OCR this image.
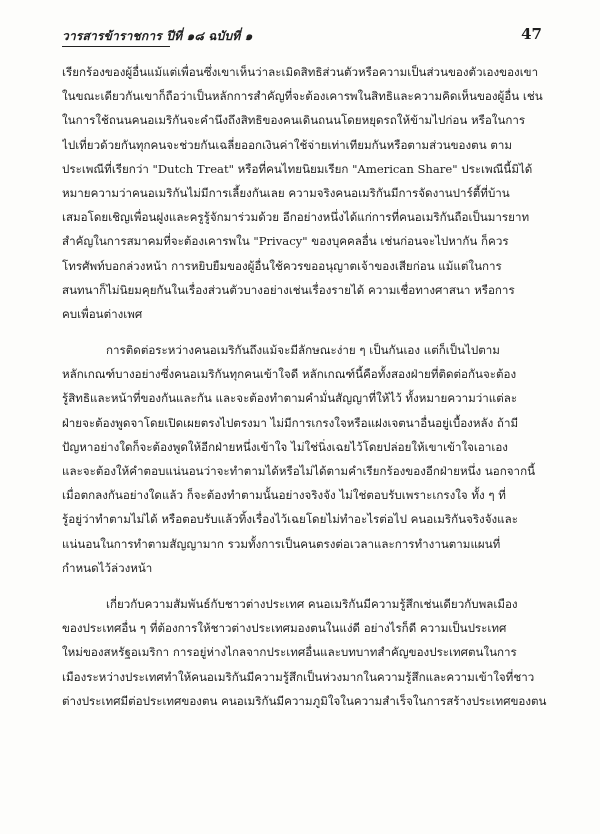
วารสารข้าราชการ ปีที่ ๑๘ ฉบับที่ ๑	47
เรียกร้องของผู้อื่นแม้แต่เพื่อนซึ่งเขาเห็นว่าละเมิดสิทธิส่วนตัวหรือความเป็นส่วนของตัวเองของเขา
ในขณะเดียวกันเขาก็ถือว่าเป็นหลักการสำคัญที่จะต้องเคารพในสิทธิและความคิดเห็นของผู้อื่น เช่น
ในการใช้ถนนคนอเมริกันจะคำนึงถึงสิทธิของคนเดินถนนโดยหยุดรถให้ข้ามไปก่อน หรือในการ
ไปเที่ยวด้วยกันทุกคนจะช่วยกันเฉลี่ยออกเงินค่าใช้จ่ายเท่าเทียมกันหรือตามส่วนของตน ตาม
ประเพณีที่เรียกว่า "Dutch Treat" หรือที่คนไทยนิยมเรียก "American Share" ประเพณีนี้มิได้
หมายความว่าคนอเมริกันไม่มีการเลี้ยงกันเลย ความจริงคนอเมริกันมีการจัดงานปาร์ตี้ที่บ้าน
เสมอโดยเชิญเพื่อนฝูงและครูรู้จักมาร่วมด้วย อีกอย่างหนึ่งได้แก่การที่คนอเมริกันถือเป็นมารยาท
สำคัญในการสมาคมที่จะต้องเคารพใน "Privacy" ของบุคคลอื่น เช่นก่อนจะไปหากัน ก็ควร
โทรศัพท์บอกล่วงหน้า การหยิบยืมของผู้อื่นใช้ควรขออนุญาตเจ้าของเสียก่อน แม้แต่ในการ
สนทนาก็ไม่นิยมคุยกันในเรื่องส่วนตัวบางอย่างเช่นเรื่องรายได้ ความเชื่อทางศาสนา หรือการ
คบเพื่อนต่างเพศ
การติดต่อระหว่างคนอเมริกันถึงแม้จะมีลักษณะง่าย ๆ เป็นกันเอง แต่ก็เป็นไปตาม
หลักเกณฑ์บางอย่างซึ่งคนอเมริกันทุกคนเข้าใจดี หลักเกณฑ์นี้คือทั้งสองฝ่ายที่ติดต่อกันจะต้อง
รู้สิทธิและหน้าที่ของกันและกัน และจะต้องทำตามคำมั่นสัญญาที่ให้ไว้ ทั้งหมายความว่าแต่ละ
ฝ่ายจะต้องพูดจาโดยเปิดเผยตรงไปตรงมา ไม่มีการเกรงใจหรือแฝงเจตนาอื่นอยู่เบื้องหลัง ถ้ามี
ปัญหาอย่างใดก็จะต้องพูดให้อีกฝ่ายหนึ่งเข้าใจ ไม่ใช่นิ่งเฉยไว้โดยปล่อยให้เขาเข้าใจเอาเอง
และจะต้องให้คำตอบแน่นอนว่าจะทำตามได้หรือไม่ได้ตามคำเรียกร้องของอีกฝ่ายหนึ่ง นอกจากนี้
เมื่อตกลงกันอย่างใดแล้ว ก็จะต้องทำตามนั้นอย่างจริงจัง ไม่ใช่ตอบรับเพราะเกรงใจ ทั้ง ๆ ที่
รู้อยู่ว่าทำตามไม่ได้ หรือตอบรับแล้วทิ้งเรื่องไว้เฉยโดยไม่ทำอะไรต่อไป คนอเมริกันจริงจังและ
แน่นอนในการทำตามสัญญามาก รวมทั้งการเป็นคนตรงต่อเวลาและการทำงานตามแผนที่
กำหนดไว้ล่วงหน้า
เกี่ยวกับความสัมพันธ์กับชาวต่างประเทศ คนอเมริกันมีความรู้สึกเช่นเดียวกับพลเมือง
ของประเทศอื่น ๆ ที่ต้องการให้ชาวต่างประเทศมองตนในแง่ดี อย่างไรก็ดี ความเป็นประเทศ
ใหม่ของสหรัฐอเมริกา การอยู่ห่างไกลจากประเทศอื่นและบทบาทสำคัญของประเทศตนในการ
เมืองระหว่างประเทศทำให้คนอเมริกันมีความรู้สึกเป็นห่วงมากในความรู้สึกและความเข้าใจที่ชาว
ต่างประเทศมีต่อประเทศของตน คนอเมริกันมีความภูมิใจในความสำเร็จในการสร้างประเทศของตน
